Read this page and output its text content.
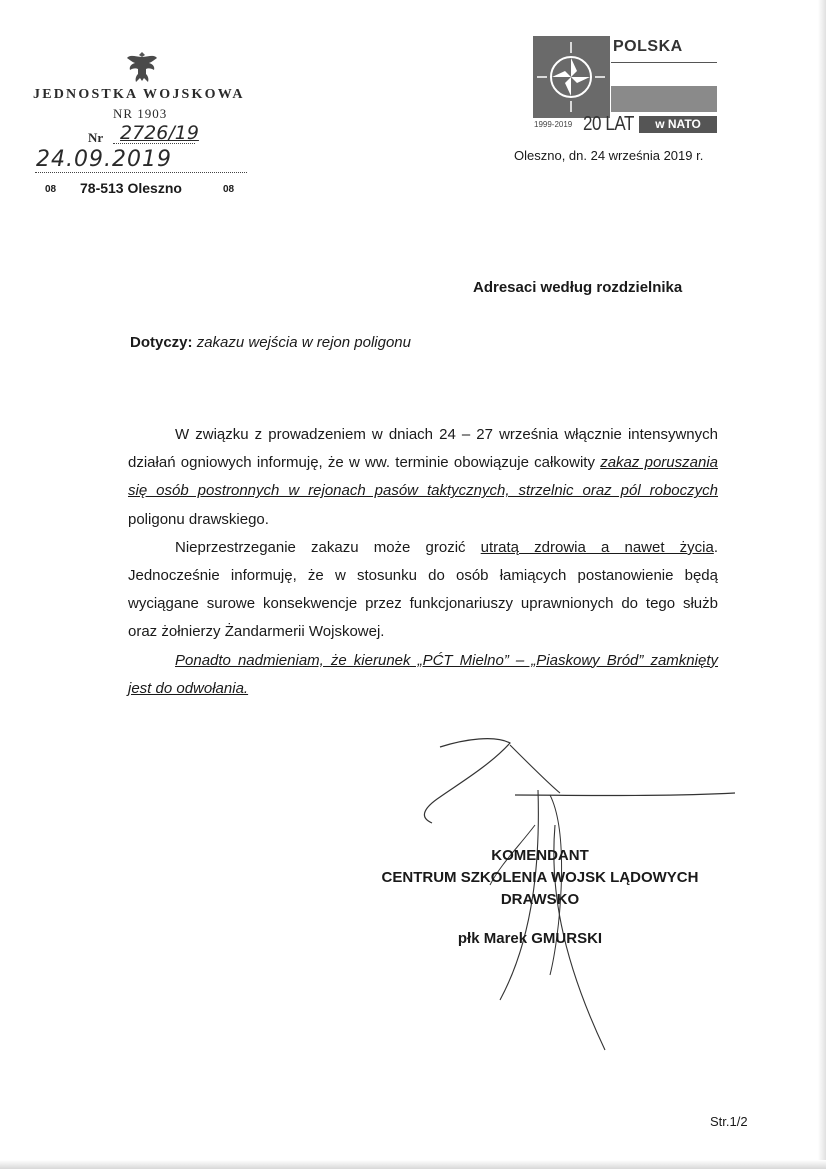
JEDNOSTKA WOJSKOWA
NR 1903
Nr 2726/19
24.09.2019
08 78-513 Oleszno	08
POLSKA
1999-2019 20 LAT	w NATO
Oleszno, dn. 24 września 2019 r.
Adresaci według rozdzielnika
Dotyczy: zakazu wejścia w rejon poligonu

W związku z prowadzeniem w dniach 24 – 27 września włącznie intensywnych działań ogniowych informuję, że w ww. terminie obowiązuje całkowity zakaz poruszania się osób postronnych w rejonach pasów taktycznych, strzelnic oraz pól roboczych poligonu drawskiego.

Nieprzestrzeganie zakazu może grozić utratą zdrowia a nawet życia. Jednocześnie informuję, że w stosunku do osób łamiących postanowienie będą wyciągane surowe konsekwencje przez funkcjonariuszy uprawnionych do tego służb oraz żołnierzy Żandarmerii Wojskowej.

Ponadto nadmieniam, że kierunek „PĆT Mielno” – „Piaskowy Bród” zamknięty jest do odwołania.

KOMENDANT
CENTRUM SZKOLENIA WOJSK LĄDOWYCH
DRAWSKO
płk Marek GMURSKI
Str.1/2
